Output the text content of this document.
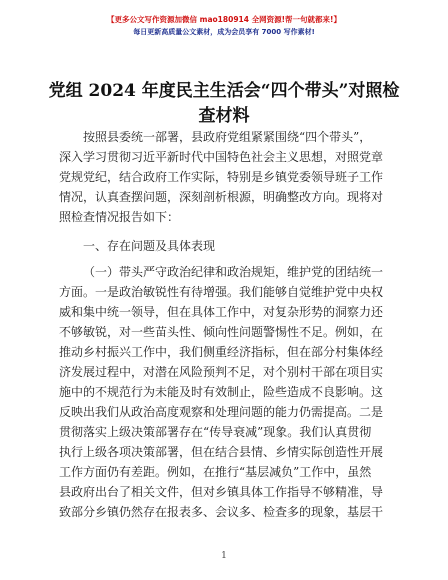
【更多公文写作资源加微信 mao180914 全网资源!帮一句就都来!】
每日更新高质量公文素材，成为会员享有 7000 写作素材!
党组 2024 年度民主生活会“四个带头”对照检
查材料
按照县委统一部署，县政府党组紧紧围绕“四个带头”，
深入学习贯彻习近平新时代中国特色社会主义思想，对照党章
党规党纪，结合政府工作实际，特别是乡镇党委领导班子工作
情况，认真查摆问题，深刻剖析根源，明确整改方向。现将对
照检查情况报告如下：
一、存在问题及具体表现
（一）带头严守政治纪律和政治规矩，维护党的团结统一
方面。一是政治敏锐性有待增强。我们能够自觉维护党中央权
威和集中统一领导，但在具体工作中，对复杂形势的洞察力还
不够敏锐，对一些苗头性、倾向性问题警惕性不足。例如，在
推动乡村振兴工作中，我们侧重经济指标，但在部分村集体经
济发展过程中，对潜在风险预判不足，对个别村干部在项目实
施中的不规范行为未能及时有效制止，险些造成不良影响。这
反映出我们从政治高度观察和处理问题的能力仍需提高。二是
贯彻落实上级决策部署存在“传导衰减”现象。我们认真贯彻
执行上级各项决策部署，但在结合县情、乡情实际创造性开展
工作方面仍有差距。例如，在推行“基层减负”工作中，虽然
县政府出台了相关文件，但对乡镇具体工作指导不够精准，导
致部分乡镇仍然存在报表多、会议多、检查多的现象，基层干
1
